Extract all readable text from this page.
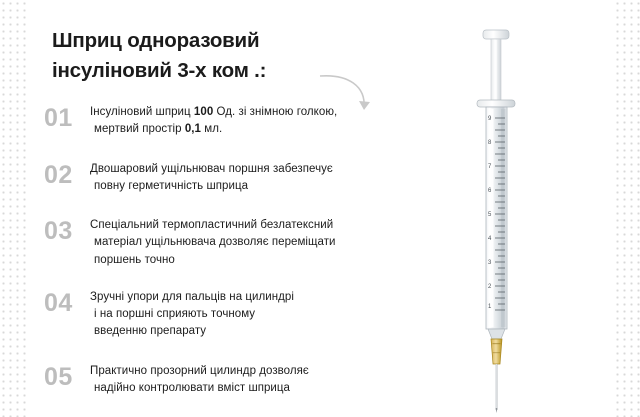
Шприц одноразовий
інсуліновий 3-х ком .:
01	Інсуліновий шприц 100 Од. зі знімною голкою,
мертвий простір 0,1 мл.
02	Двошаровий ущільнювач поршня забезпечує
повну герметичність шприца
03	Спеціальний термопластичний безлатексний
матеріал ущільнювача дозволяє переміщати
поршень точно
04	Зручні упори для пальців на цилиндрі
і на поршні сприяють точному
введенню препарату
05	Практично прозорний цилиндр дозволяє
надійно контролювати вміст шприца
9
8
7
6
5
4
3
2
1
